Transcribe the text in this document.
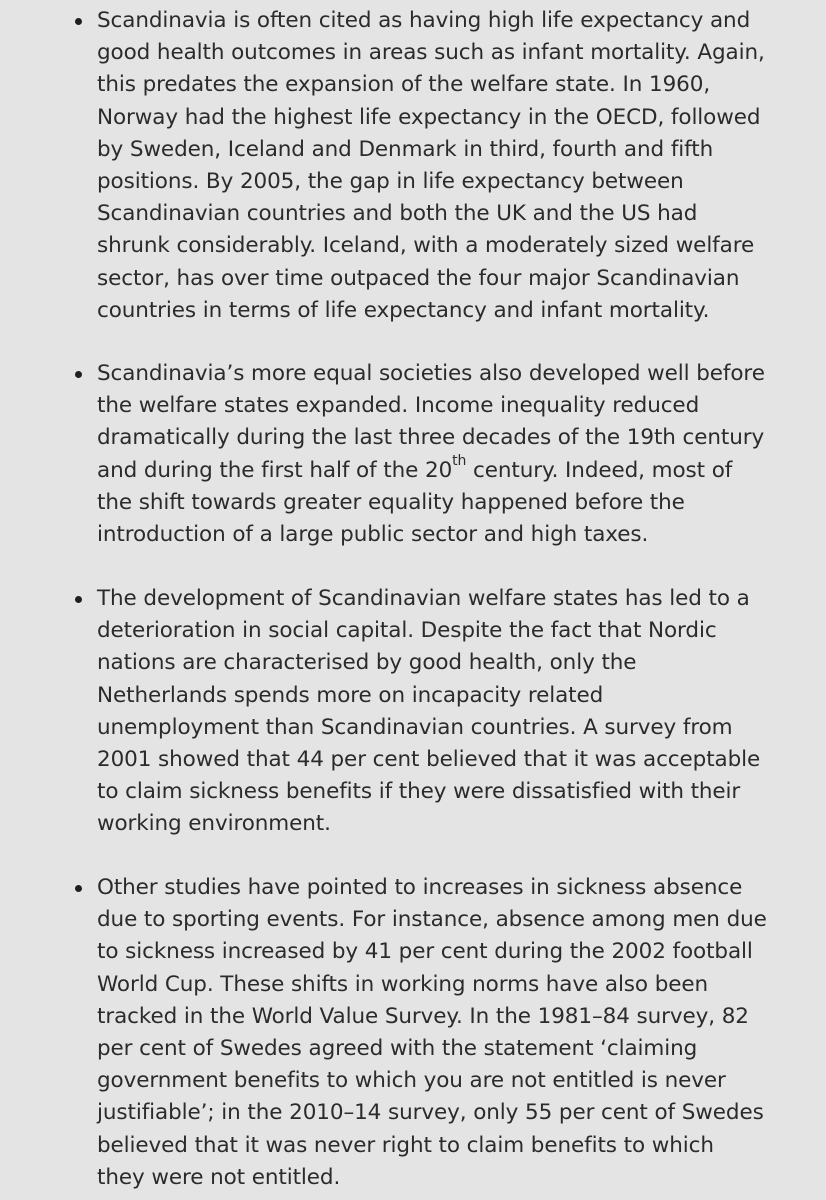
Scandinavia is often cited as having high life expectancy and good health outcomes in areas such as infant mortality. Again, this predates the expansion of the welfare state. In 1960, Norway had the highest life expectancy in the OECD, followed by Sweden, Iceland and Denmark in third, fourth and fifth positions. By 2005, the gap in life expectancy between Scandinavian countries and both the UK and the US had shrunk considerably. Iceland, with a moderately sized welfare sector, has over time outpaced the four major Scandinavian countries in terms of life expectancy and infant mortality.
Scandinavia’s more equal societies also developed well before the welfare states expanded. Income inequality reduced dramatically during the last three decades of the 19th century and during the first half of the 20th century. Indeed, most of the shift towards greater equality happened before the introduction of a large public sector and high taxes.
The development of Scandinavian welfare states has led to a deterioration in social capital. Despite the fact that Nordic nations are characterised by good health, only the Netherlands spends more on incapacity related unemployment than Scandinavian countries. A survey from 2001 showed that 44 per cent believed that it was acceptable to claim sickness benefits if they were dissatisfied with their working environment.
Other studies have pointed to increases in sickness absence due to sporting events. For instance, absence among men due to sickness increased by 41 per cent during the 2002 football World Cup. These shifts in working norms have also been tracked in the World Value Survey. In the 1981–84 survey, 82 per cent of Swedes agreed with the statement ‘claiming government benefits to which you are not entitled is never justifiable’; in the 2010–14 survey, only 55 per cent of Swedes believed that it was never right to claim benefits to which they were not entitled.
